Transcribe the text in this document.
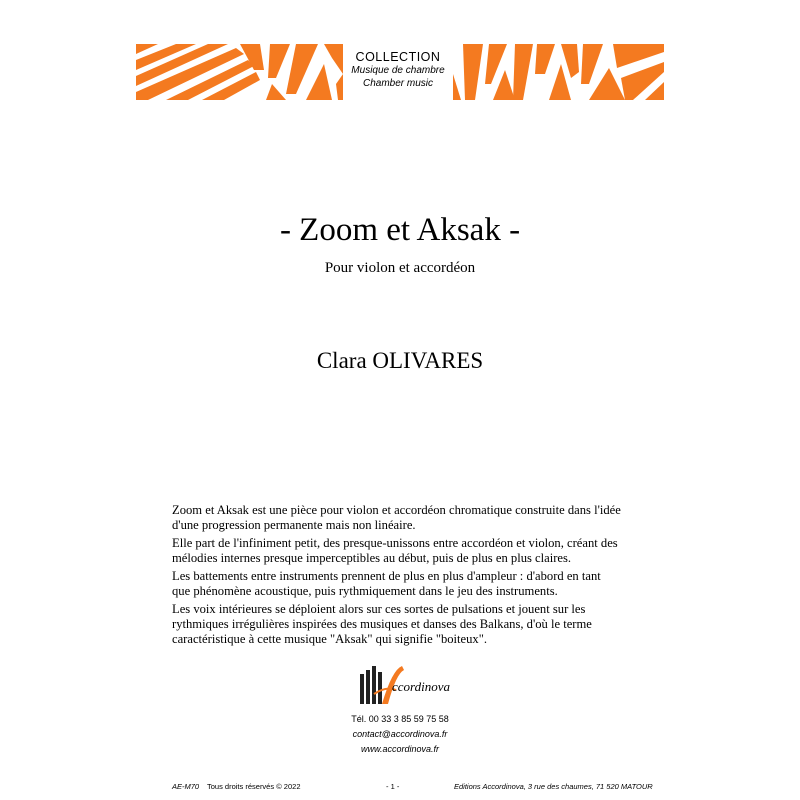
COLLECTION
Musique de chambre
Chamber music
- Zoom et Aksak -
Pour violon et accordéon
Clara OLIVARES

Zoom et Aksak est une pièce pour violon et accordéon chromatique construite dans l'idée d'une progression permanente mais non linéaire.

Elle part de l'infiniment petit, des presque-unissons entre accordéon et violon, créant des mélodies internes presque imperceptibles au début, puis de plus en plus claires.

Les battements entre instruments prennent de plus en plus d'ampleur : d'abord en tant que phénomène acoustique, puis rythmiquement dans le jeu des instruments.

Les voix intérieures se déploient alors sur ces sortes de pulsations et jouent sur les rythmiques irrégulières inspirées des musiques et danses des Balkans, d'où le terme caractéristique à cette musique "Aksak" qui signifie "boiteux".

ccordinova
Tél. 00 33 3 85 59 75 58
contact@accordinova.fr
www.accordinova.fr
AE-M70 Tous droits réservés © 2022	- 1 -	Editions Accordinova, 3 rue des chaumes, 71 520 MATOUR
